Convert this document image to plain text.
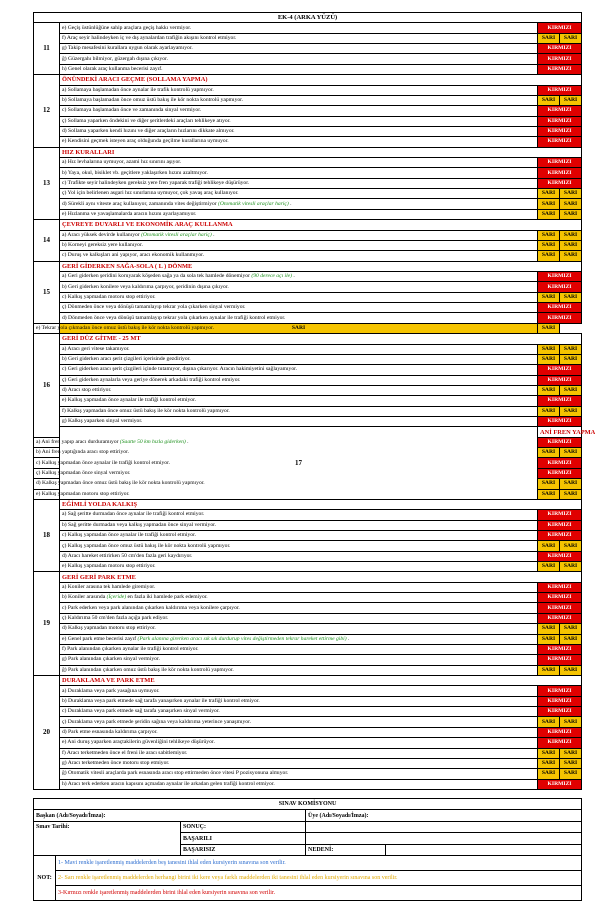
EK-4 (ARKA YÜZÜ)			
11	e) Geçiş üstünlüğüne sahip araçlara geçiş hakkı vermiyor.	KIRMIZI	
	f) Araç seyir halindeyken iç ve dış aynalardan trafiğin akışını kontrol etmiyor.	SARI	SARI
	g) Takip mesafesini kurallara uygun olarak ayarlayamıyor.	KIRMIZI	
	ğ) Güzergahı bilmiyor, güzergah dışına çıkıyor.	KIRMIZI	
	h) Genel olarak araç kullanma becerisi zayıf.	KIRMIZI	
12	ÖNÜNDEKİ ARACI GEÇME (SOLLAMA YAPMA)		
	a) Sollamaya başlamadan önce aynalar ile trafik kontrolü yapmıyor.	KIRMIZI	
	b) Sollamaya başlamadan önce omuz üstü bakış ile kör nokta kontrolü yapmıyor.	SARI	SARI
	c) Sollamaya başlamadan önce ve zamanında sinyal vermiyor.	KIRMIZI	
	ç) Sollama yaparken öndekini ve diğer şeritlerdeki araçları tehlikeye atıyor.	KIRMIZI	
	d) Sollama yaparken kendi hızını ve diğer araçların hızlarını dikkate almıyor.	KIRMIZI	
	e) Kendisini geçmek isteyen araç olduğunda geçilme kurallarına uymuyor.	KIRMIZI	
13	HIZ KURALLARI		
	a) Hız levhalarına uymuyor, azami hız sınırını aşıyor.	KIRMIZI	
	b) Yaya, okul, bisiklet vb. geçitlere yaklaşırken hızını azaltmıyor.	KIRMIZI	
	c) Trafikte seyir halindeyken gereksiz yere fren yaparak trafiği tehlikeye düşürüyor.	KIRMIZI	
	ç) Yol için belirlenen asgari hız sınırlarına uymuyor, çok yavaş araç kullanıyor.	SARI	SARI
	d) Sürekli aynı viteste araç kullanıyor, zamanında vites değiştirmiyor (Otomatik vitesli araçlar hariç) .	SARI	SARI
	e) Hızlanma ve yavaşlamalarda aracın hızını ayarlayamıyor.	SARI	SARI
14	ÇEVREYE DUYARLI VE EKONOMİK ARAÇ KULLANMA		
	a) Aracı yüksek devirde kullanıyor (Otomatik vitesli araçlar hariç) .	SARI	SARI
	b) Korneyi gereksiz yere kullanıyor.	SARI	SARI
	c) Duruş ve kalkışları ani yapıyor, aracı ekonomik kullanmıyor.	SARI	SARI
15	GERİ GİDERKEN SAĞA-SOLA ( L ) DÖNME		
	a) Geri giderken şeridini koruyarak köşeden sağa ya da sola tek hamlede dönemiyor (90 derece açı ile) .	KIRMIZI	
	b) Geri giderken konilere veya kaldırıma çarpıyor, şeridinin dışına çıkıyor.	KIRMIZI	
	c) Kalkış yapmadan motoru stop ettiriyor.	SARI	SARI
	ç) Dönmeden önce veya dönüşü tamamlayıp tekrar yola çıkarken sinyal vermiyor.	KIRMIZI	
	d) Dönmeden önce veya dönüşü tamamlayıp tekrar yola çıkarken aynalar ile trafiği kontrol etmiyor.	KIRMIZI	
e) Tekrar yola çıkmadan önce omuz üstü bakış ile kör nokta kontrolü yapmıyor.	SARI	SARI	
16	GERİ DÜZ GİTME - 25 MT		
	a) Aracı geri vitese takamıyor.	SARI	SARI
	b) Geri giderken aracı şerit çizgileri içerisinde gezdiriyor.	SARI	SARI
	c) Geri giderken aracı şerit çizgileri içinde tutamıyor, dışına çıkarıyor. Aracın hakimiyetini sağlayamıyor.	KIRMIZI	
	ç) Geri giderken aynalarla veya geriye dönerek arkadaki trafiği kontrol etmiyor.	KIRMIZI	
	d) Aracı stop ettiriyor.	SARI	SARI
	e) Kalkış yapmadan önce aynalar ile trafiği kontrol etmiyor.	KIRMIZI	
	f) Kalkış yapmadan önce omuz üstü bakış ile kör nokta kontrolü yapmıyor.	SARI	SARI
	g) Kalkış yaparken sinyal vermiyor.	KIRMIZI	
	17	ANİ FREN YAPMA	
a) Ani fren yapıp aracı durduramıyor (Saatte 50 km hızla giderken) .		KIRMIZI	
b) Ani fren yaptığında aracı stop ettiriyor.		SARI	SARI
c) Kalkış yapmadan önce aynalar ile trafiği kontrol etmiyor.		KIRMIZI	
ç) Kalkış yapmadan önce sinyal vermiyor.		KIRMIZI	
d) Kalkış yapmadan önce omuz üstü bakış ile kör nokta kontrolü yapmıyor.		SARI	SARI
e) Kalkış yapmadan motoru stop ettiriyor.		SARI	SARI
18	EĞİMLİ YOLDA KALKIŞ		
	a) Sağ şeritte durmadan önce aynalar ile trafiği kontrol etmiyor.	KIRMIZI	
	b) Sağ şeritte durmadan veya kalkış yapmadan önce sinyal vermiyor.	KIRMIZI	
	c) Kalkış yapmadan önce aynalar ile trafiği kontrol etmiyor.	KIRMIZI	
	ç) Kalkış yapmadan önce omuz üstü bakış ile kör nokta kontrolü yapmıyor.	SARI	SARI
	d) Aracı hareket ettirirken 50 cm'den fazla geri kaydırıyor.	KIRMIZI	
	e) Kalkış yapmadan motoru stop ettiriyor.	SARI	SARI
19	GERİ GERİ PARK ETME		
	a) Koniler arasına tek hamlede giremiyor.	KIRMIZI	
	b) Koniler arasında (İçeride) en fazla iki hamlede park edemiyor.	KIRMIZI	
	c) Park ederken veya park alanından çıkarken kaldırıma veya konilere çarpıyor.	KIRMIZI	
	ç) Kaldırıma 50 cm'den fazla açığa park ediyor.	KIRMIZI	
	d) Kalkış yapmadan motoru stop ettiriyor.	SARI	SARI
	e) Genel park etme becerisi zayıf (Park alanına girerken aracı sık sık durdurup vites değiştirmeden tekrar hareket ettirme gibi) .	SARI	SARI
	f) Park alanından çıkarken aynalar ile trafiği kontrol etmiyor.	KIRMIZI	
	g) Park alanından çıkarken sinyal vermiyor.	KIRMIZI	
	ğ) Park alanından çıkarken omuz üstü bakış ile kör nokta kontrolü yapmıyor.	SARI	SARI
20	DURAKLAMA VE PARK ETME		
	a) Duraklama veya park yasağına uymuyor.	KIRMIZI	
	b) Duraklama veya park etmede sağ tarafa yanaşırken aynalar ile trafiği kontrol etmiyor.	KIRMIZI	
	c) Duraklama veya park etmede sağ tarafa yanaşırken sinyal vermiyor.	KIRMIZI	
	ç) Duraklama veya park etmede şeridin sağına veya kaldırıma yeterince yanaşmıyor.	SARI	SARI
	d) Park etme esnasında kaldırıma çarpıyor.	KIRMIZI	
	e) Ani duruş yaparken araçtakilerin güvenliğini tehlikeye düşürüyor.	KIRMIZI	
	f) Aracı terketmeden önce el freni ile aracı sabitlemiyor.	SARI	SARI
	g) Aracı terketmeden önce motoru stop etmiyor.	SARI	SARI
	ğ) Otomatik vitesli araçlarda park esnasında aracı stop ettirmeden önce vitesi P pozisyonuna almıyor.	SARI	SARI
	h) Aracı terk ederken aracın kapısını açmadan aynalar ile arkadan gelen trafiği kontrol etmiyor.	KIRMIZI	
SINAV KOMİSYONU				
Başkan (Adı/Soyadı/İmza):			Üye (Adı/Soyadı/İmza):	
Sınav Tarihi:		SONUÇ:		
		BAŞARILI		
		BAŞARISIZ	NEDENİ:	
NOT:	1- Mavi renkle işaretlenmiş maddelerden beş tanesini ihlal eden kursiyerin sınavına son verilir.			
	2- Sarı renkle işaretlenmiş maddelerden herhangi birini iki kere veya farklı maddelerden iki tanesini ihlal eden kursiyerin sınavına son verilir.			
	3-Kırmızı renkle işaretlenmiş maddelerden birini ihlal eden kursiyerin sınavına son verilir.			
